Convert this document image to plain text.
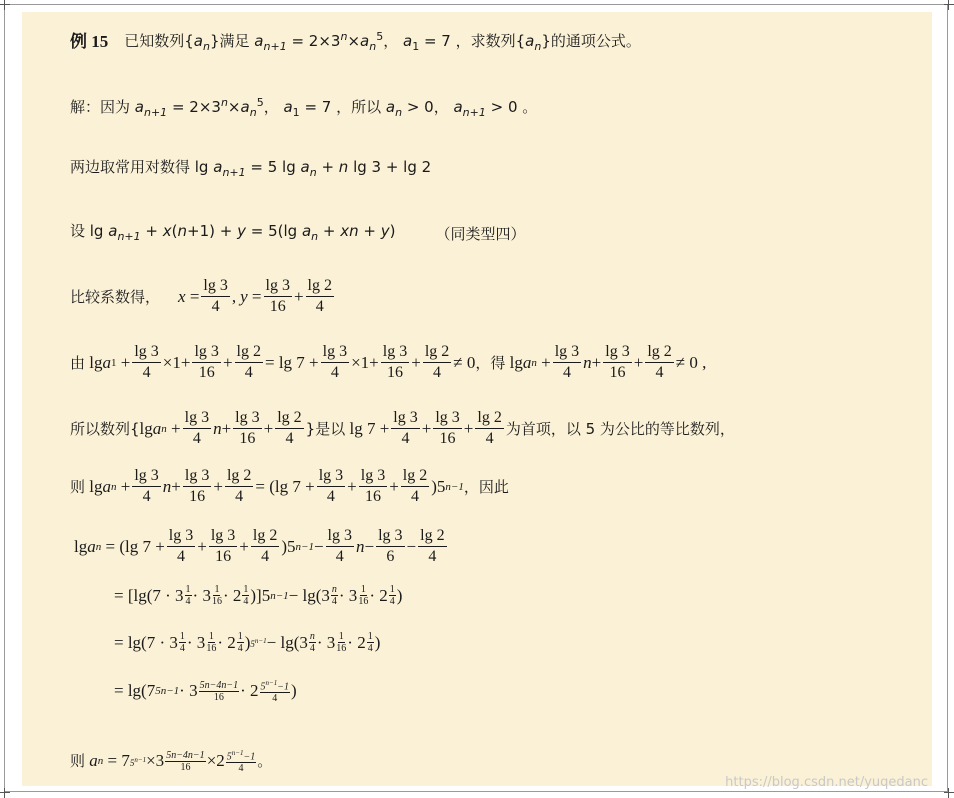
例 15 已知数列$\{a_n\}$满足 $a_{n+1} = 2\times 3^n\times a_n^5$， $a_1 = 7$ ，求数列$\{a_n\}$的通项公式。
解：因为 $a_{n+1} = 2\times 3^n\times a_n^5$， $a_1 = 7$ ，所以 $a_n > 0$， $a_{n+1} > 0$ 。
两边取常用对数得 $\lg a_{n+1} = 5$ $\lg a_n + n$ lg 3 + lg 2
设 $\lg a_{n+1} + x(n+1) + y = 5(\lg$ $a_n$ + xn + y)	（同类型四）
比较系数得， $x = \frac{\lg 3}{4}$ , $y = \frac{\lg 3}{16} + \frac{\lg 2}{4}$
由 lg a $1 + \frac{\lg 3}{4} \times 1+ \frac{\lg 3}{16} + \frac{\lg 2}{4} = \lg 7 + \frac{\lg 3}{4} \times 1+ \frac{\lg 3}{16} + \frac{\lg 2}{4} \ne 0$ ，得 lg a $n + \frac{\lg 3}{4}$ $n + \frac{\lg 3}{16} + \frac{\lg 2}{4} \ne 0$ ,
所以数列{ lg a $n + \frac{\lg 3}{4}$ $n + \frac{\lg 3}{16} + \frac{\lg 2}{4}$ }是以 $\lg 7 + \frac{\lg 3}{4} + \frac{\lg 3}{16} + \frac{\lg 2}{4}$ 为首项，以 5 为公比的等比数列，
则 lg a $n + \frac{\lg 3}{4}$ $n + \frac{\lg 3}{16} + \frac{\lg 2}{4} = (\lg$ $7 + \frac{\lg 3}{4} + \frac{\lg 3}{16} + \frac{\lg 2}{4} )5$ n−1 ，因此
lg a n = (lg $7 + \frac{\lg 3}{4} + \frac{\lg 3}{16} + \frac{\lg 2}{4} )5$ $n-1 - \frac{\lg 3}{4}$ $n - \frac{\lg 3}{6} - \frac{\lg 2}{4}$
= [lg(7 · 3 1
4 · 3 1
16 · 2 1
4 )]5 n−1 − lg(3 n
4 · 3 1
16 · 2 1
4 )
= lg(7 · 3 1
4 · 3 1
16 · 2 1
4 ) $5^{n-1} - \lg(3$ n
4 · 3 1
16 · 2 1
4 )
= lg(7 5n−1 · 3 5n−4n−1
16 · 2 $5^{n-1}-1$
4 )
则
a n = 7 $5^{n-1} \times 3$ 5n−4n−1
16 ×2 $5^{n-1}-1$
4 。
https://blog.csdn.net/yuqedanc
